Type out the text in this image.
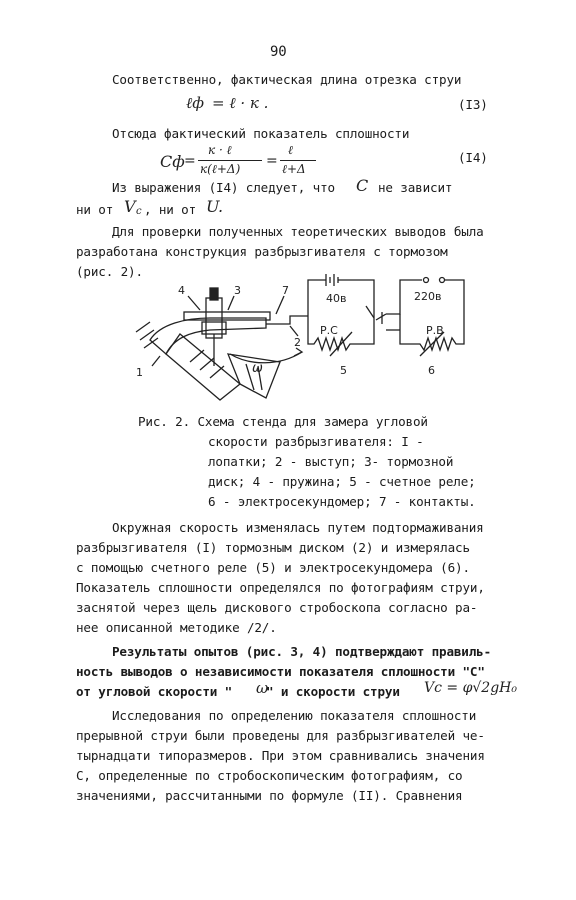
90
Соответственно, фактическая длина отрезка струи
ℓф = ℓ · к .	(I3)
Отсюда фактический показатель сплошности
Cф =
к · ℓ
к(ℓ+Δ) =
ℓ
ℓ+Δ
(I4)
Из выражения (I4) следует, что C не зависит
ни от V c , ни от U.
Для проверки полученных теоретических выводов была
разработана конструкция разбрызгивателя с тормозом
(рис. 2).
4	3	7
2
1	5	6
40в	220в
Р.С	Р.В
ω
Рис. 2. Схема стенда для замера угловой
скорости разбрызгивателя: I -
лопатки; 2 - выступ; 3- тормозной
диск; 4 - пружина; 5 - счетное реле;
6 - электросекундомер; 7 - контакты.
Окружная скорость изменялась путем подтормаживания
разбрызгивателя (I) тормозным диском (2) и измерялась
с помощью счетного реле (5) и электросекундомера (6).
Показатель сплошности определялся по фотографиям струи,
заснятой через щель дискового стробоскопа согласно ра-
нее описанной методике /2/.
Результаты опытов (рис. 3, 4) подтверждают правиль-
ность выводов о независимости показателя сплошности "С"
от угловой скорости " ω
" и скорости струи Vc = φ√2gH₀
Исследования по определению показателя сплошности
прерывной струи были проведены для разбрызгивателей че-
тырнадцати типоразмеров. При этом сравнивались значения
С, определенные по стробоскопическим фотографиям, со
значениями, рассчитанными по формуле (II). Сравнения
